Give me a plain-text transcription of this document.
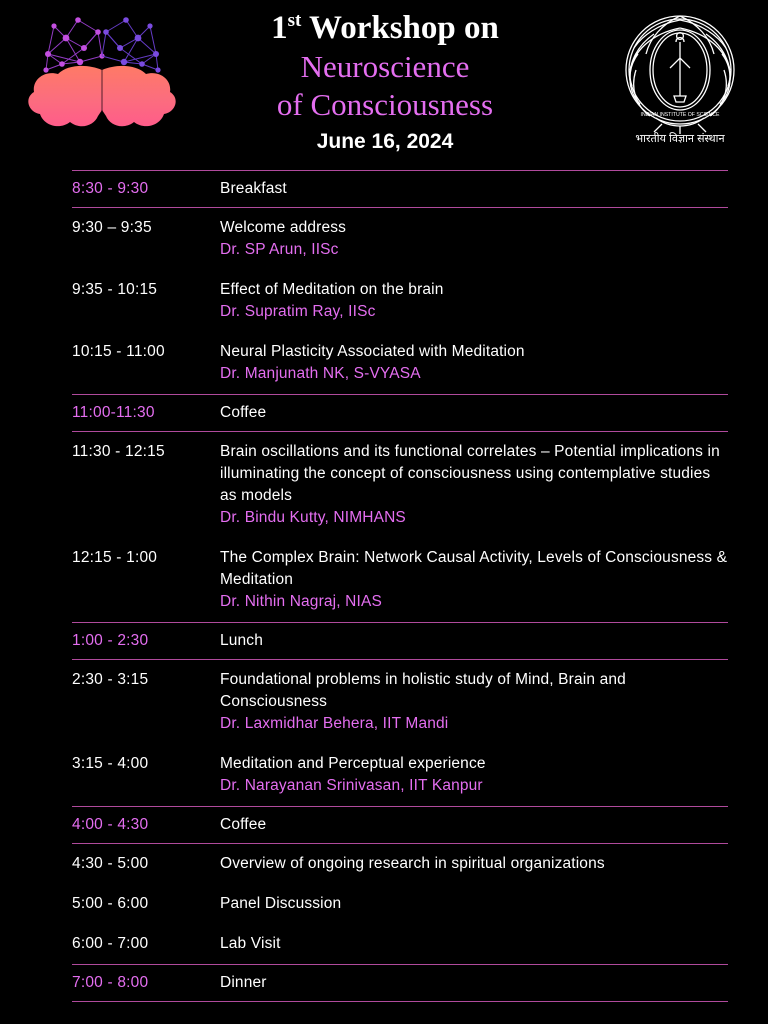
1st Workshop on
Neuroscience
of Consciousness
June 16, 2024
INDIAN INSTITUTE OF SCIENCE
भारतीय विज्ञान संस्थान
8:30 - 9:30	Breakfast
9:30 – 9:35	Welcome address
Dr. SP Arun, IISc
9:35 - 10:15	Effect of Meditation on the brain
Dr. Supratim Ray, IISc
10:15 - 11:00	Neural Plasticity Associated with Meditation
Dr. Manjunath NK, S-VYASA
11:00-11:30	Coffee
11:30 - 12:15	Brain oscillations and its functional correlates – Potential implications in illuminating the concept of consciousness using contemplative studies as models
Dr. Bindu Kutty, NIMHANS
12:15 - 1:00	The Complex Brain: Network Causal Activity, Levels of Consciousness & Meditation
Dr. Nithin Nagraj, NIAS
1:00 - 2:30	Lunch
2:30 - 3:15	Foundational problems in holistic study of Mind, Brain and Consciousness
Dr. Laxmidhar Behera, IIT Mandi
3:15 - 4:00	Meditation and Perceptual experience
Dr. Narayanan Srinivasan, IIT Kanpur
4:00 - 4:30	Coffee
4:30 - 5:00	Overview of ongoing research in spiritual organizations
5:00 - 6:00	Panel Discussion
6:00 - 7:00	Lab Visit
7:00 - 8:00	Dinner
